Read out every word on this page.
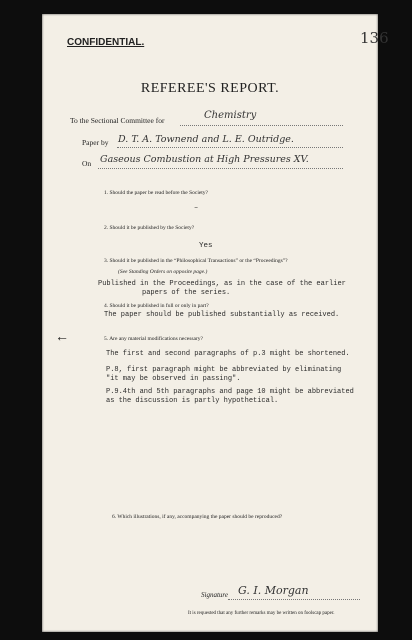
CONFIDENTIAL.	136
REFEREE'S REPORT.
To the Sectional Committee for	Chemistry
Paper by D. T. A. Townend and L. E. Outridge.
On Gaseous Combustion at High Pressures XV.
1. Should the paper be read before the Society?
–
2. Should it be published by the Society?
Yes
3. Should it be published in the “Philosophical Transactions” or the “Proceedings”?
(See Standing Orders on opposite page.)
Published in the Proceedings, as in the case of the earlier
papers of the series.
4. Should it be published in full or only in part?
The paper should be published substantially as received.
←	5. Are any material modifications necessary?
The first and second paragraphs of p.3 might be shortened.
P.8, first paragraph might be abbreviated by eliminating
"it may be observed in passing".
P.9.4th and 5th paragraphs and page 10 might be abbreviated
as the discussion is partly hypothetical.
6. Which illustrations, if any, accompanying the paper should be reproduced?
Signature G. I. Morgan
It is requested that any further remarks may be written on foolscap paper.
